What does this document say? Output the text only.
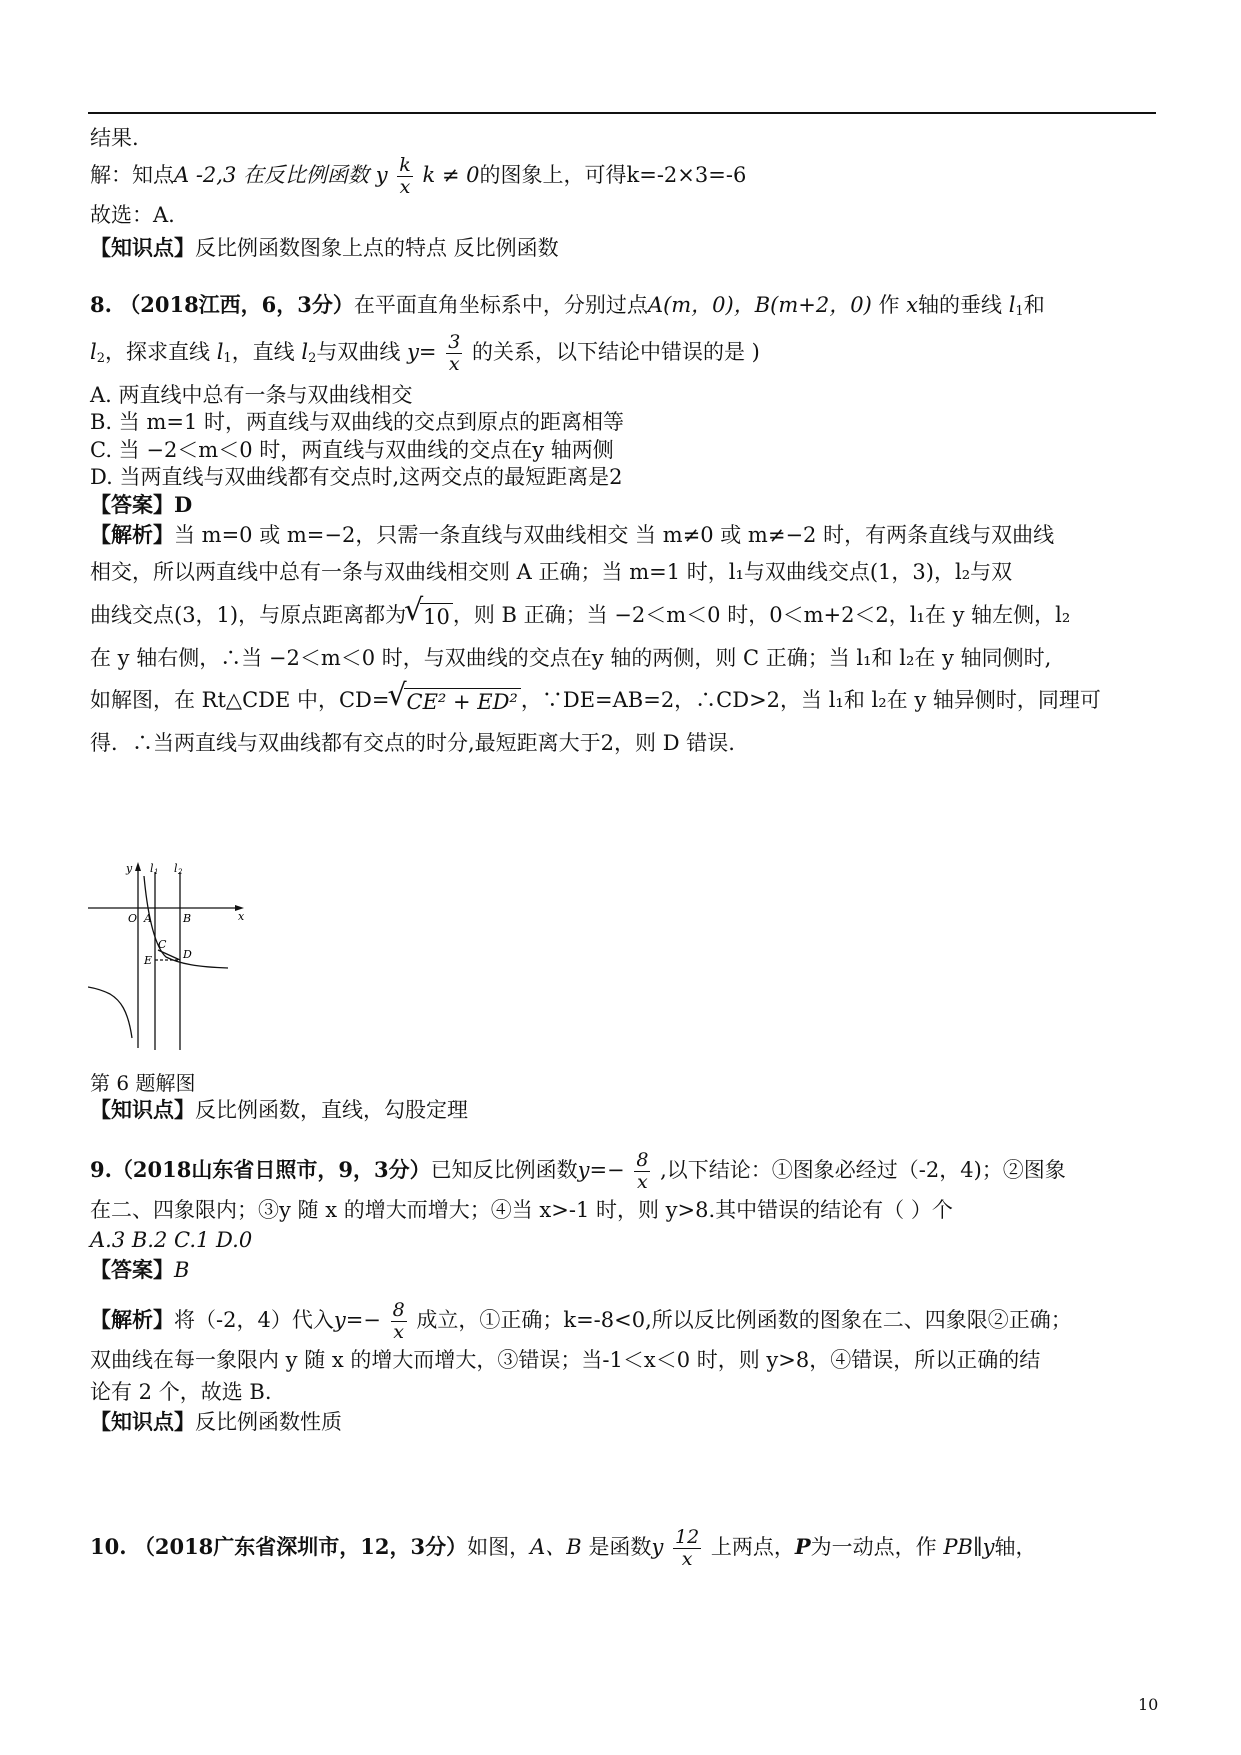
结果.
解：知点A -2,3 在反比例函数 y $\frac{k}{x}$ k ≠ 0的图象上，可得k=-2×3=-6
故选：A.
【知识点】反比例函数图象上点的特点 反比例函数
8. （2018江西，6，3分）在平面直角坐标系中，分别过点A(m，0)，B(m+2，0) 作 x轴的垂线 $l_1$和
$l_2$，探求直线 $l_1$，直线 $l_2$与双曲线 $y= \frac{3}{x}$ 的关系，以下结论中错误的是 )
A. 两直线中总有一条与双曲线相交
B. 当 m=1 时，两直线与双曲线的交点到原点的距离相等
C. 当 −2＜m＜0 时，两直线与双曲线的交点在y 轴两侧
D. 当两直线与双曲线都有交点时,这两交点的最短距离是2
【答案】D
【解析】当 m=0 或 m=−2，只需一条直线与双曲线相交 当 m≠0 或 m≠−2 时，有两条直线与双曲线
相交，所以两直线中总有一条与双曲线相交则 A 正确；当 m=1 时，l₁与双曲线交点(1，3)，l₂与双
曲线交点(3，1)，与原点距离都为 √ 10 ，则 B 正确；当 −2＜m＜0 时，0＜m+2＜2，l₁在 y 轴左侧，l₂
在 y 轴右侧，∴当 −2＜m＜0 时，与双曲线的交点在y 轴的两侧，则 C 正确；当 l₁和 l₂在 y 轴同侧时,
如解图，在 Rt△CDE 中，CD= √ CE² + ED² ，∵DE=AB=2，∴CD>2，当 l₁和 l₂在 y 轴异侧时，同理可
得．∴当两直线与双曲线都有交点的时分,最短距离大于2，则 D 错误.
y
x
O A	B
C
D
E
l 1 l 2
第 6 题解图
【知识点】反比例函数，直线，勾股定理
9.（2018山东省日照市，9，3分）已知反比例函数$y=- \frac{8}{x}$ ,以下结论：①图象必经过（-2，4)；②图象
在二、四象限内；③y 随 x 的增大而增大；④当 x>-1 时，则 y>8.其中错误的结论有（ ）个
A.3 B.2 C.1 D.0
【答案】B
【解析】将（-2，4）代入$y=- \frac{8}{x}$ 成立，①正确；k=-8<0,所以反比例函数的图象在二、四象限②正确；
双曲线在每一象限内 y 随 x 的增大而增大，③错误；当-1＜x＜0 时，则 y>8，④错误，所以正确的结
论有 2 个，故选 B.
【知识点】反比例函数性质
10. （2018广东省深圳市，12，3分）如图，A、B 是函数y $\frac{12}{x}$ 上两点，P为一动点，作 PB∥y轴，
10
